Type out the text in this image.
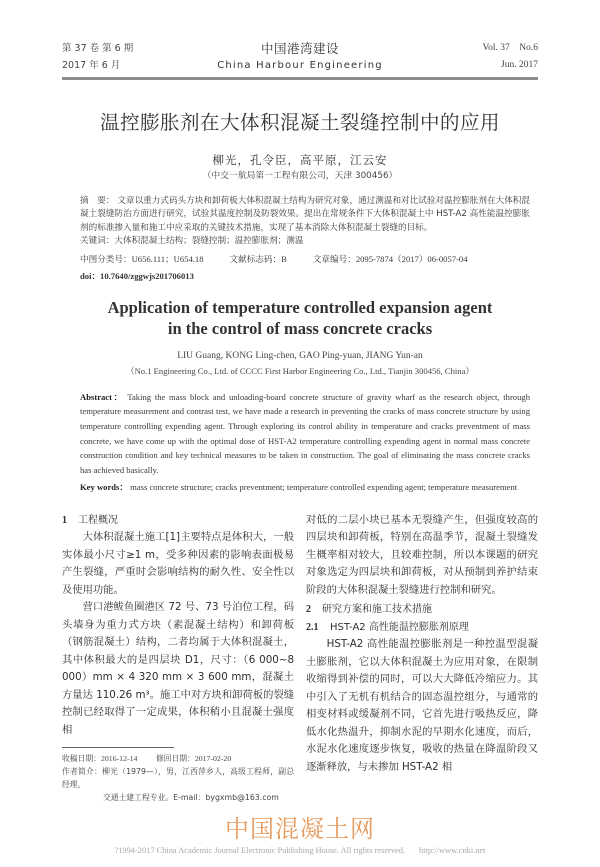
第 37 卷 第 6 期
2017 年 6 月
中国港湾建设
China Harbour Engineering
Vol. 37    No.6
Jun. 2017
温控膨胀剂在大体积混凝土裂缝控制中的应用
柳光，孔令臣，高平原，江云安
（中交一航局第一工程有限公司，天津 300456）
摘　要： 文章以重力式码头方块和卸荷板大体积混凝土结构为研究对象，通过测温和对比试验对温控膨胀剂在大体积混凝土裂缝防治方面进行研究，试验其温度控制及防裂效果。提出在常规条件下大体积混凝土中 HST-A2 高性能温控膨胀剂的标准掺入量和施工中应采取的关键技术措施，实现了基本消除大体积混凝土裂缝的目标。
关键词：大体积混凝土结构；裂缝控制；温控膨胀剂；测温
中图分类号：U656.111；U654.18	文献标志码：B	文章编号：2095-7874（2017）06-0057-04
doi：10.7640/zggwjs201706013
Application of temperature controlled expansion agent
in the control of mass concrete cracks
LIU Guang, KONG Ling-chen, GAO Ping-yuan, JIANG Yun-an
（No.1 Engineering Co., Ltd. of CCCC First Harbor Engineering Co., Ltd., Tianjin 300456, China）
Abstract： Taking the mass block and unloading-board concrete structure of gravity wharf as the research object, through temperature measurement and contrast test, we have made a research in preventing the cracks of mass concrete structure by using temperature controlling expending agent. Through exploring its control ability in temperature and cracks preventment of mass concrete, we have come up with the optimal dose of HST-A2 temperature controlling expending agent in normal mass concrete construction condition and key technical measures to be taken in construction. The goal of eliminating the mass concrete cracks has achieved basically.
Key words： mass concrete structure; cracks preventment; temperature controlled expending agent; temperature measurement
1 工程概况
大体积混凝土施工[1]主要特点是体积大，一般实体最小尺寸≥1 m，受多种因素的影响表面极易产生裂缝，严重时会影响结构的耐久性、安全性以及使用功能。
营口港鲅鱼圈港区 72 号、73 号泊位工程，码头墙身为重力式方块（素混凝土结构）和卸荷板（钢筋混凝土）结构，二者均属于大体积混凝土，其中体积最大的是四层块 D1，尺寸：（6 000~8 000）mm × 4 320 mm × 3 600 mm，混凝土方量达 110.26 m³。施工中对方块和卸荷板的裂缝控制已经取得了一定成果，体积稍小且混凝土强度相
收稿日期：2016-12-14 修回日期：2017-02-20
作者简介：柳光（1979—），男，江西萍乡人，高级工程师，副总经理，
交通土建工程专业。E-mail：bygxmb@163.com
对低的二层小块已基本无裂缝产生，但强度较高的四层块和卸荷板，特别在高温季节，混凝土裂缝发生概率相对较大，且较难控制，所以本课题的研究对象选定为四层块和卸荷板，对从预制到养护结束阶段的大体积混凝土裂缝进行控制和研究。
2 研究方案和施工技术措施
2.1 HST-A2 高性能温控膨胀剂原理
HST-A2 高性能温控膨胀剂是一种控温型混凝土膨胀剂，它以大体积混凝土为应用对象，在限制收缩得到补偿的同时，可以大大降低冷缩应力。其中引入了无机有机结合的固态温控组分，与通常的相变材料或缓凝剂不同，它首先进行吸热反应，降低水化热温升，抑制水泥的早期水化速度，而后，水泥水化速度逐步恢复，吸收的热量在降温阶段又逐渐释放，与未掺加 HST-A2 相
中国混凝土网
?1994-2017 China Academic Journal Electronic Publishing House. All rights reserved. http://www.cnki.net
